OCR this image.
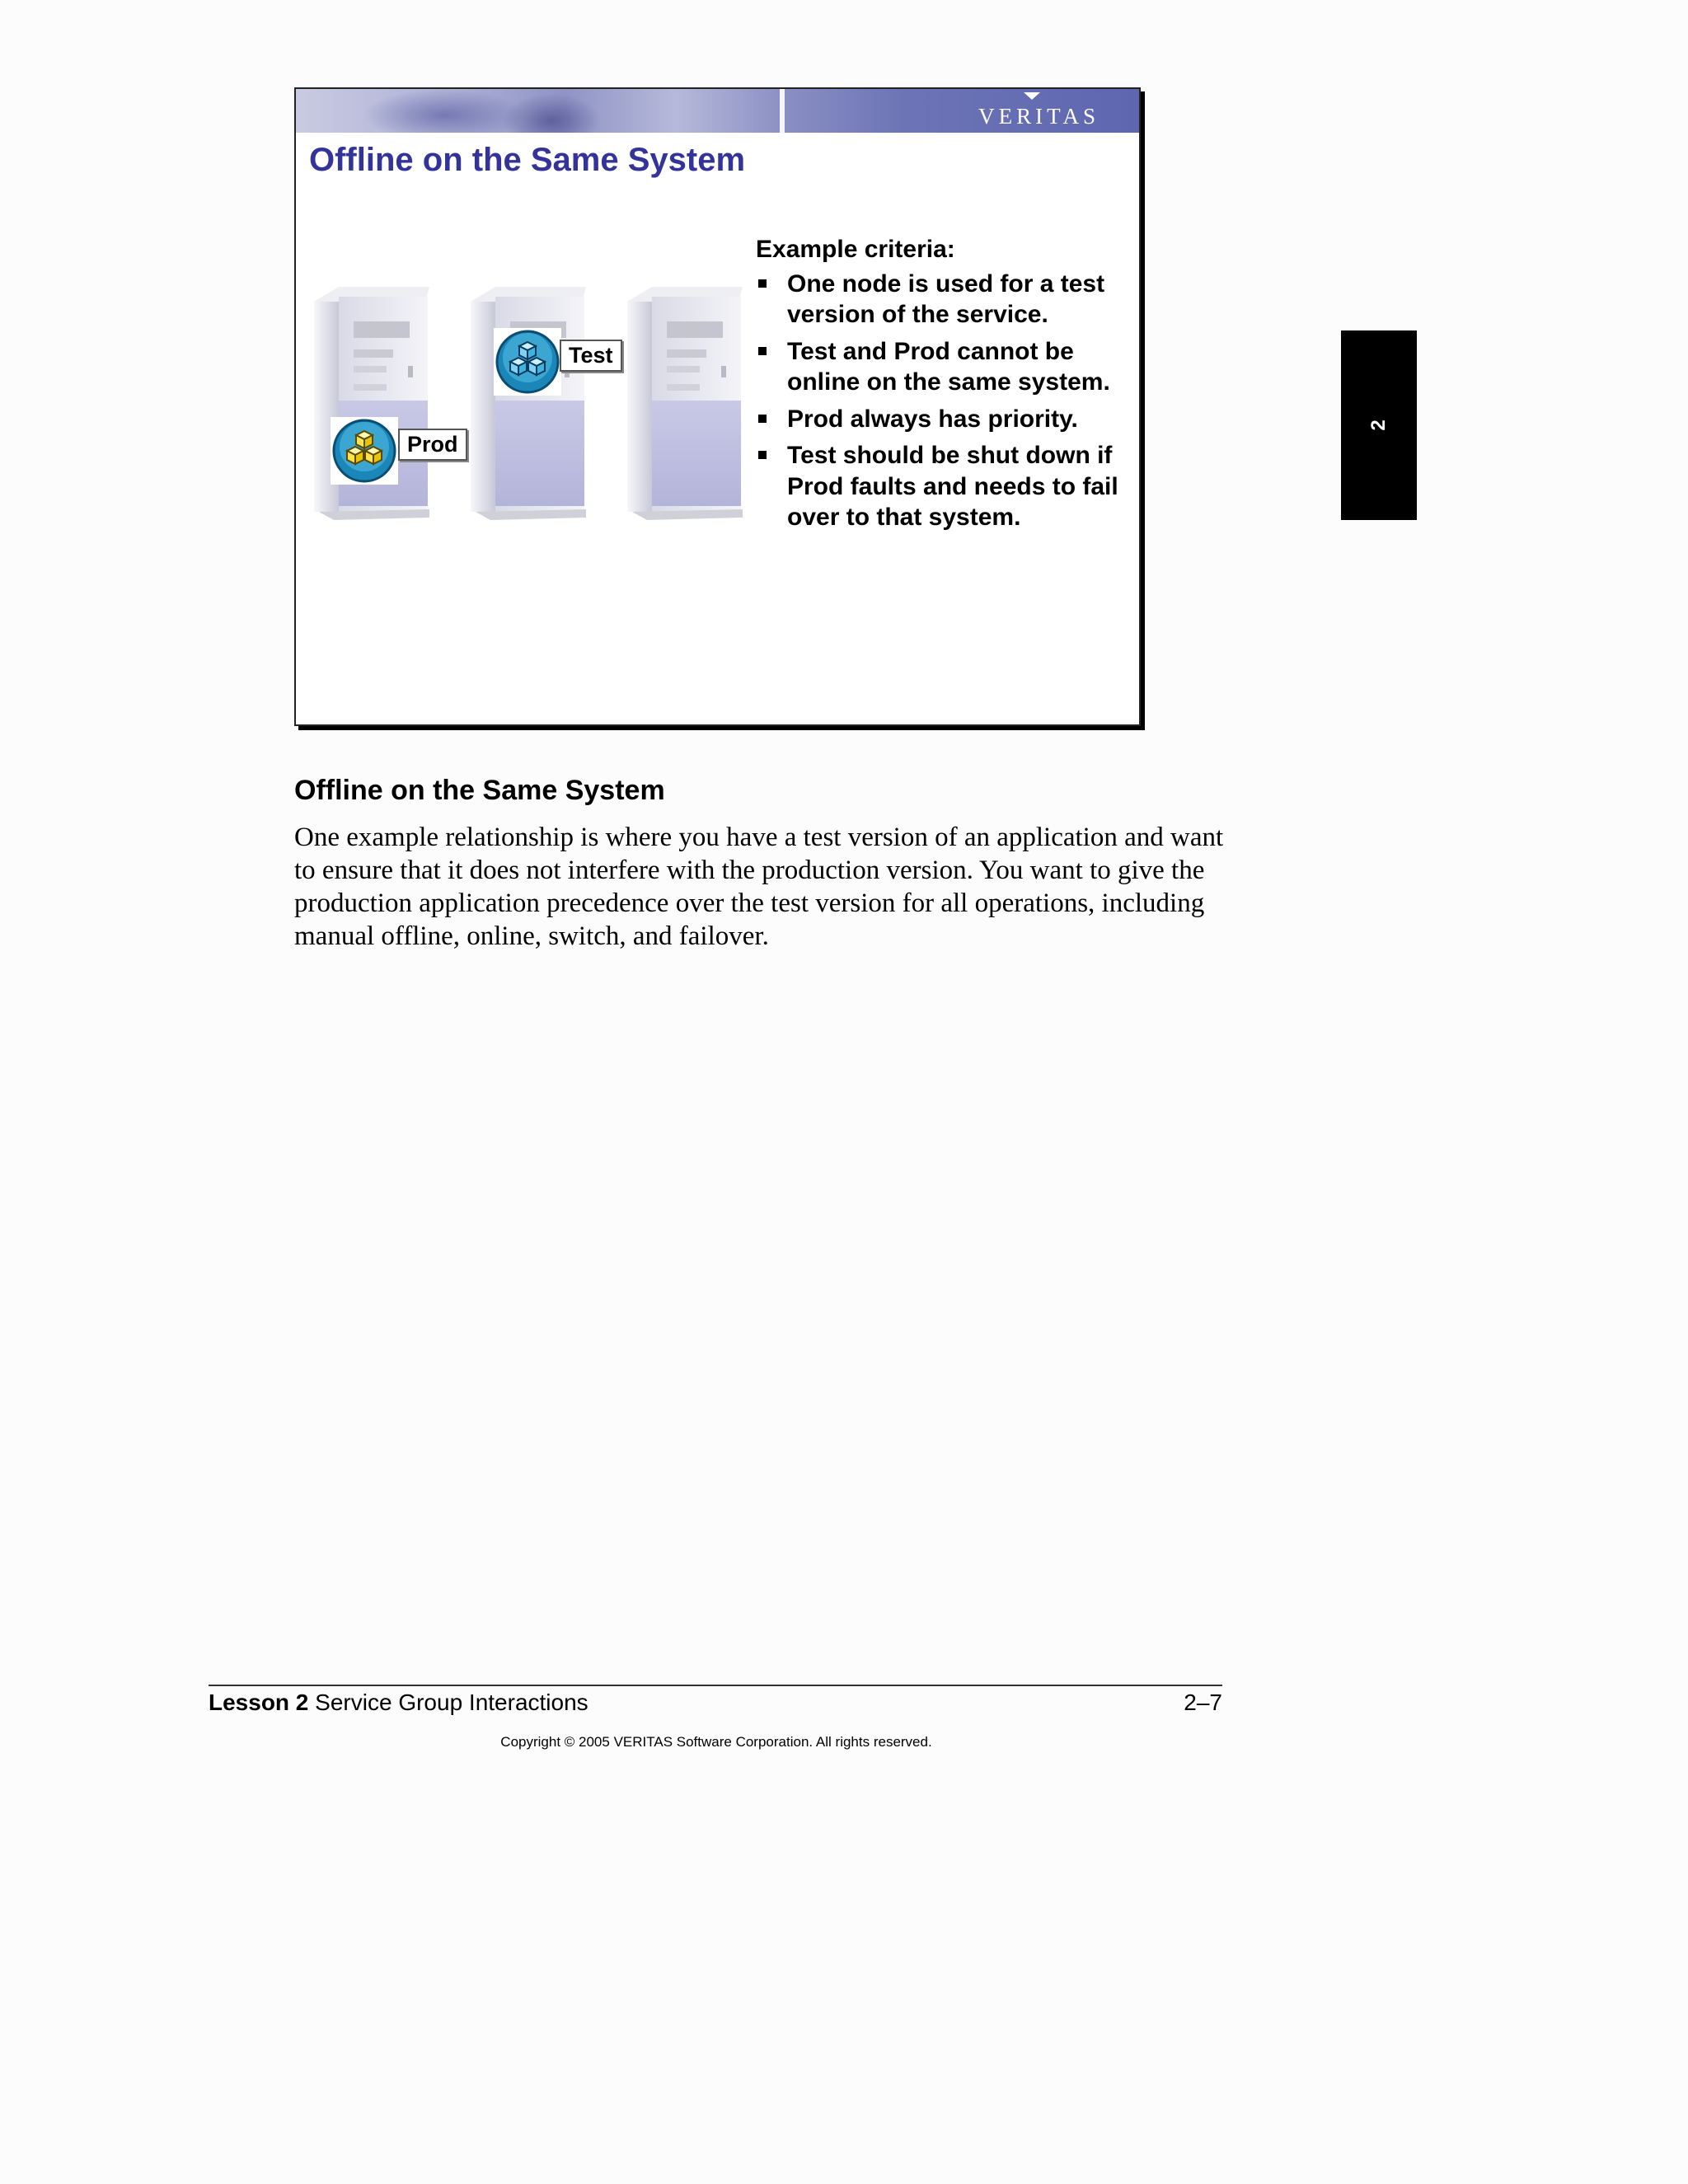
VERITAS
Offline on the Same System
Test
Prod
Example criteria:
One node is used for a test version of the service.
Test and Prod cannot be online on the same system.
Prod always has priority.
Test should be shut down if Prod faults and needs to fail over to that system.
2
Offline on the Same System
One example relationship is where you have a test version of an application and want to ensure that it does not interfere with the production version. You want to give the production application precedence over the test version for all operations, including manual offline, online, switch, and failover.
Lesson 2 Service Group Interactions	2–7
Copyright © 2005 VERITAS Software Corporation. All rights reserved.
